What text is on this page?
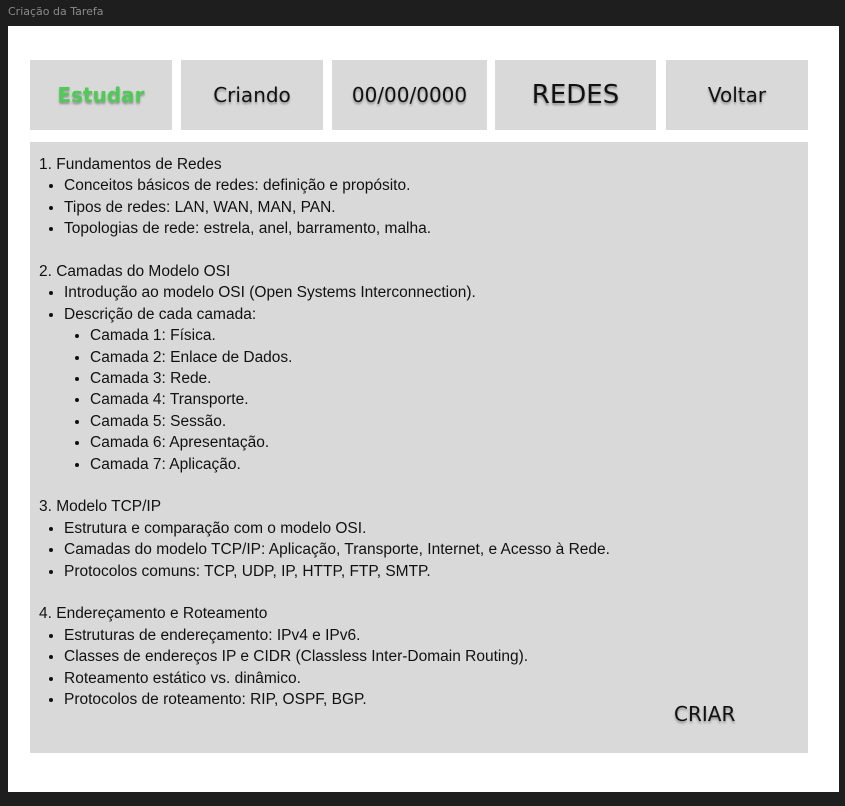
Criação da Tarefa
Estudar	Criando	00/00/0000	REDES	Voltar

1. Fundamentos de Redes

• Conceitos básicos de redes: definição e propósito.
• Tipos de redes: LAN, WAN, MAN, PAN.
• Topologias de rede: estrela, anel, barramento, malha.

2. Camadas do Modelo OSI

• Introdução ao modelo OSI (Open Systems Interconnection).
• Descrição de cada camada:
• Camada 1: Física.
• Camada 2: Enlace de Dados.
• Camada 3: Rede.
• Camada 4: Transporte.
• Camada 5: Sessão.
• Camada 6: Apresentação.
• Camada 7: Aplicação.

3. Modelo TCP/IP

• Estrutura e comparação com o modelo OSI.
• Camadas do modelo TCP/IP: Aplicação, Transporte, Internet, e Acesso à Rede.
• Protocolos comuns: TCP, UDP, IP, HTTP, FTP, SMTP.

4. Endereçamento e Roteamento

• Estruturas de endereçamento: IPv4 e IPv6.
• Classes de endereços IP e CIDR (Classless Inter-Domain Routing).
• Roteamento estático vs. dinâmico.
• Protocolos de roteamento: RIP, OSPF, BGP.
CRIAR
